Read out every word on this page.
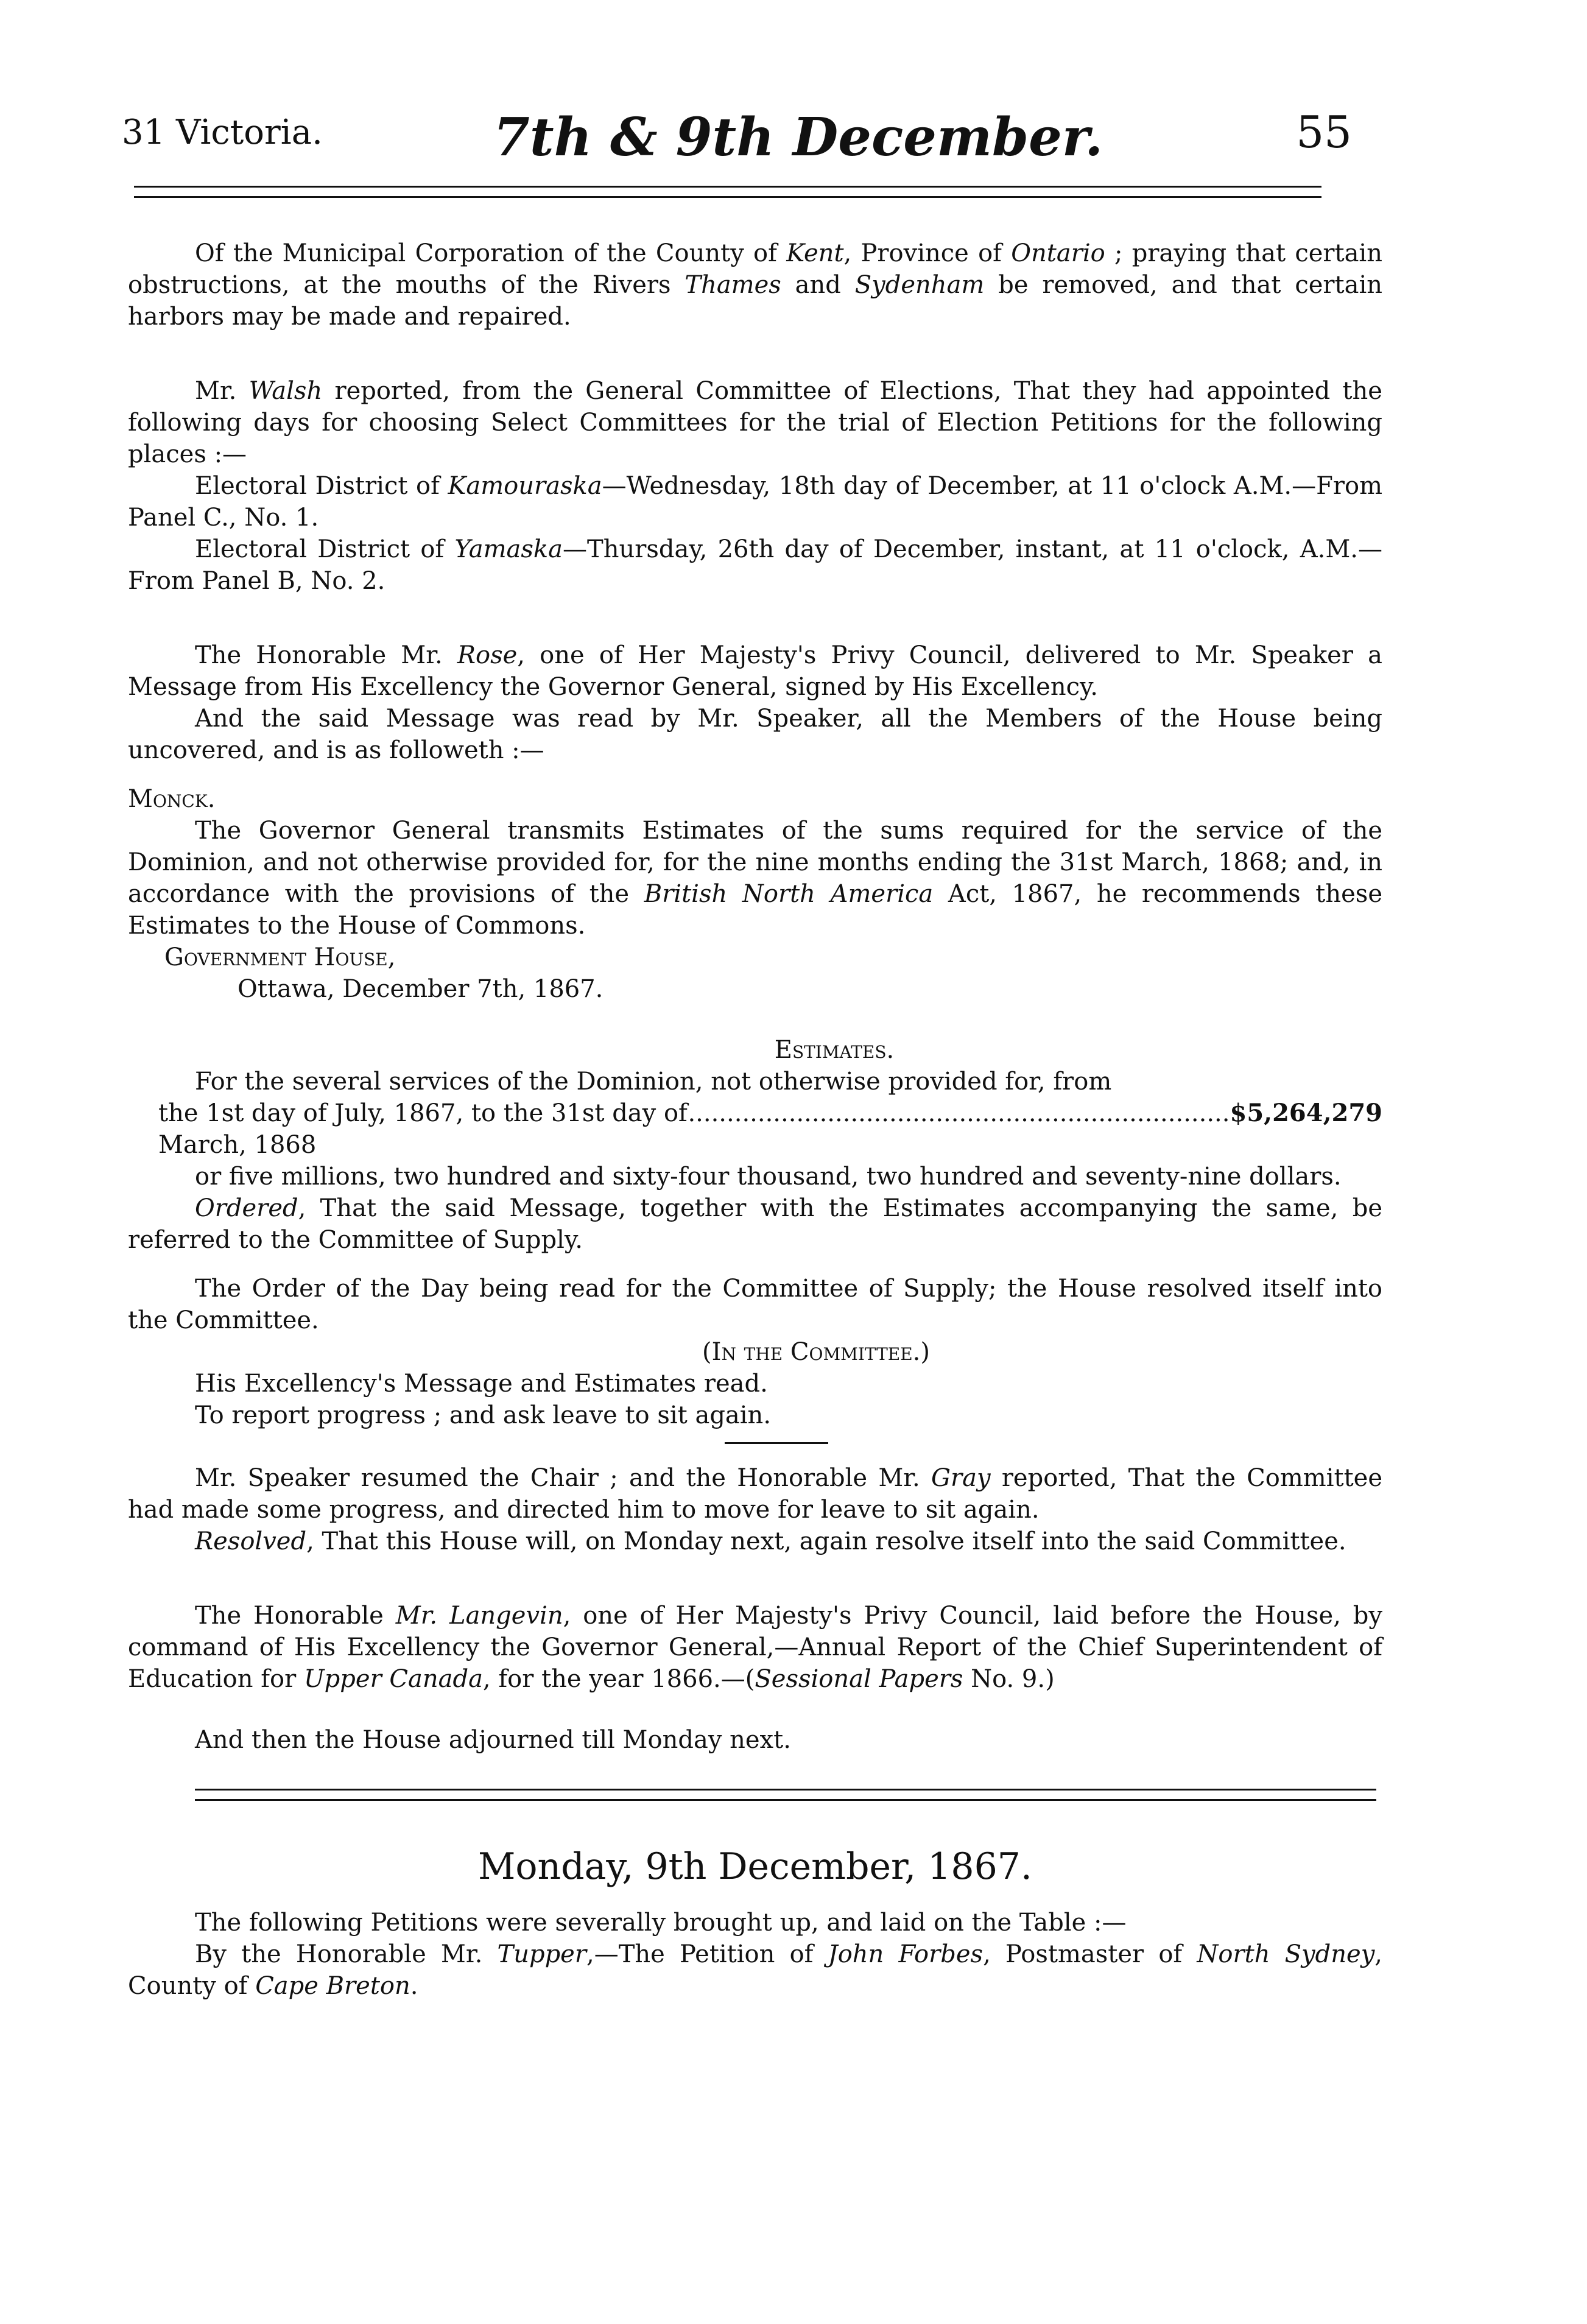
31 Victoria.	7th & 9th December.	55

Of the Municipal Corporation of the County of Kent, Province of Ontario ; praying that certain obstructions, at the mouths of the Rivers Thames and Sydenham be removed, and that certain harbors may be made and repaired.

Mr. Walsh reported, from the General Committee of Elections, That they had appointed the following days for choosing Select Committees for the trial of Election Petitions for the following places :—

Electoral District of Kamouraska—Wednesday, 18th day of December, at 11 o'clock A.M.—From Panel C., No. 1.

Electoral District of Yamaska—Thursday, 26th day of December, instant, at 11 o'clock, A.M.—From Panel B, No. 2.

The Honorable Mr. Rose, one of Her Majesty's Privy Council, delivered to Mr. Speaker a Message from His Excellency the Governor General, signed by His Excellency.

And the said Message was read by Mr. Speaker, all the Members of the House being uncovered, and is as followeth :—

Monck.

The Governor General transmits Estimates of the sums required for the service of the Dominion, and not otherwise provided for, for the nine months ending the 31st March, 1868; and, in accordance with the provisions of the British North America Act, 1867, he recommends these Estimates to the House of Commons.

Government House,

Ottawa, December 7th, 1867.

Estimates.

For the several services of the Dominion, not otherwise provided for, from

the 1st day of July, 1867, to the 31st day of March, 1868
...................................................................... $5,264,279

or five millions, two hundred and sixty-four thousand, two hundred and seventy-nine dollars.

Ordered, That the said Message, together with the Estimates accompanying the same, be referred to the Committee of Supply.

The Order of the Day being read for the Committee of Supply; the House resolved itself into the Committee.

(In the Committee.)

His Excellency's Message and Estimates read.

To report progress ; and ask leave to sit again.

Mr. Speaker resumed the Chair ; and the Honorable Mr. Gray reported, That the Committee had made some progress, and directed him to move for leave to sit again.

Resolved, That this House will, on Monday next, again resolve itself into the said Committee.

The Honorable Mr. Langevin, one of Her Majesty's Privy Council, laid before the House, by command of His Excellency the Governor General,—Annual Report of the Chief Superintendent of Education for Upper Canada, for the year 1866.—(Sessional Papers No. 9.)

And then the House adjourned till Monday next.

Monday, 9th December, 1867.

The following Petitions were severally brought up, and laid on the Table :—

By the Honorable Mr. Tupper,—The Petition of John Forbes, Postmaster of North Sydney, County of Cape Breton.
